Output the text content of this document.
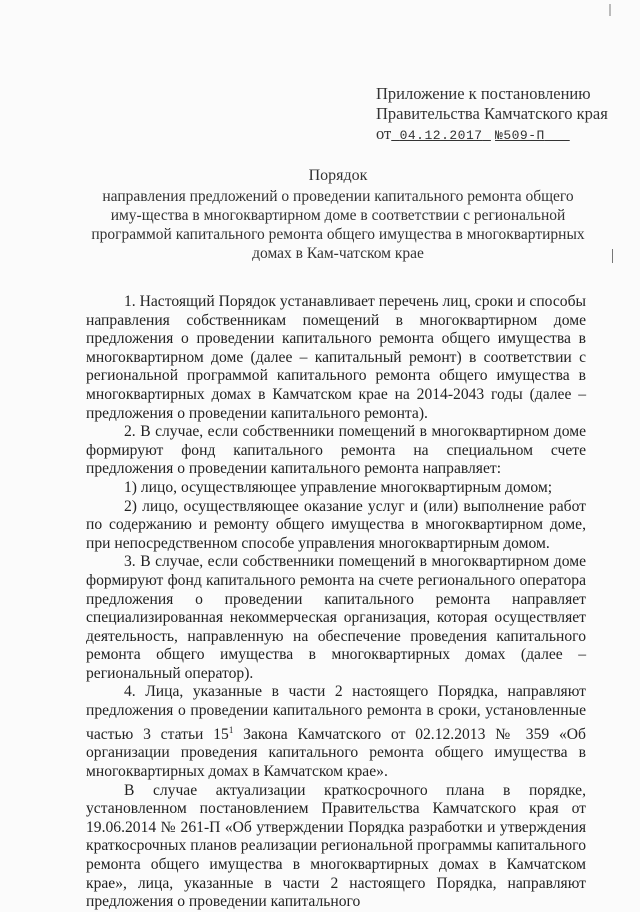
Приложение к постановлению
Правительства Камчатского края
от 04.12.2017 №509-П
Порядок
направления предложений о проведении капитального ремонта общего иму-щества в многоквартирном доме в соответствии с региональной программой капитального ремонта общего имущества в многоквартирных домах в Кам-чатском крае

1. Настоящий Порядок устанавливает перечень лиц, сроки и способы направления собственникам помещений в многоквартирном доме предложения о проведении капитального ремонта общего имущества в многоквартирном доме (далее – капитальный ремонт) в соответствии с региональной программой капитального ремонта общего имущества в многоквартирных домах в Камчатском крае на 2014-2043 годы (далее – предложения о проведении капитального ремонта).

2. В случае, если собственники помещений в многоквартирном доме формируют фонд капитального ремонта на специальном счете предложения о проведении капитального ремонта направляет:

1) лицо, осуществляющее управление многоквартирным домом;

2) лицо, осуществляющее оказание услуг и (или) выполнение работ по содержанию и ремонту общего имущества в многоквартирном доме, при непосредственном способе управления многоквартирным домом.

3. В случае, если собственники помещений в многоквартирном доме формируют фонд капитального ремонта на счете регионального оператора предложения о проведении капитального ремонта направляет специализированная некоммерческая организация, которая осуществляет деятельность, направленную на обеспечение проведения капитального ремонта общего имущества в многоквартирных домах (далее – региональный оператор).

4. Лица, указанные в части 2 настоящего Порядка, направляют предложения о проведении капитального ремонта в сроки, установленные частью 3 статьи $15^1$ Закона Камчатского от 02.12.2013 № 359 «Об организации проведения капитального ремонта общего имущества в многоквартирных домах в Камчатском крае».

В случае актуализации краткосрочного плана в порядке, установленном постановлением Правительства Камчатского края от 19.06.2014 № 261-П «Об утверждении Порядка разработки и утверждения краткосрочных планов реализации региональной программы капитального ремонта общего имущества в многоквартирных домах в Камчатском крае», лица, указанные в части 2 настоящего Порядка, направляют предложения о проведении капитального
